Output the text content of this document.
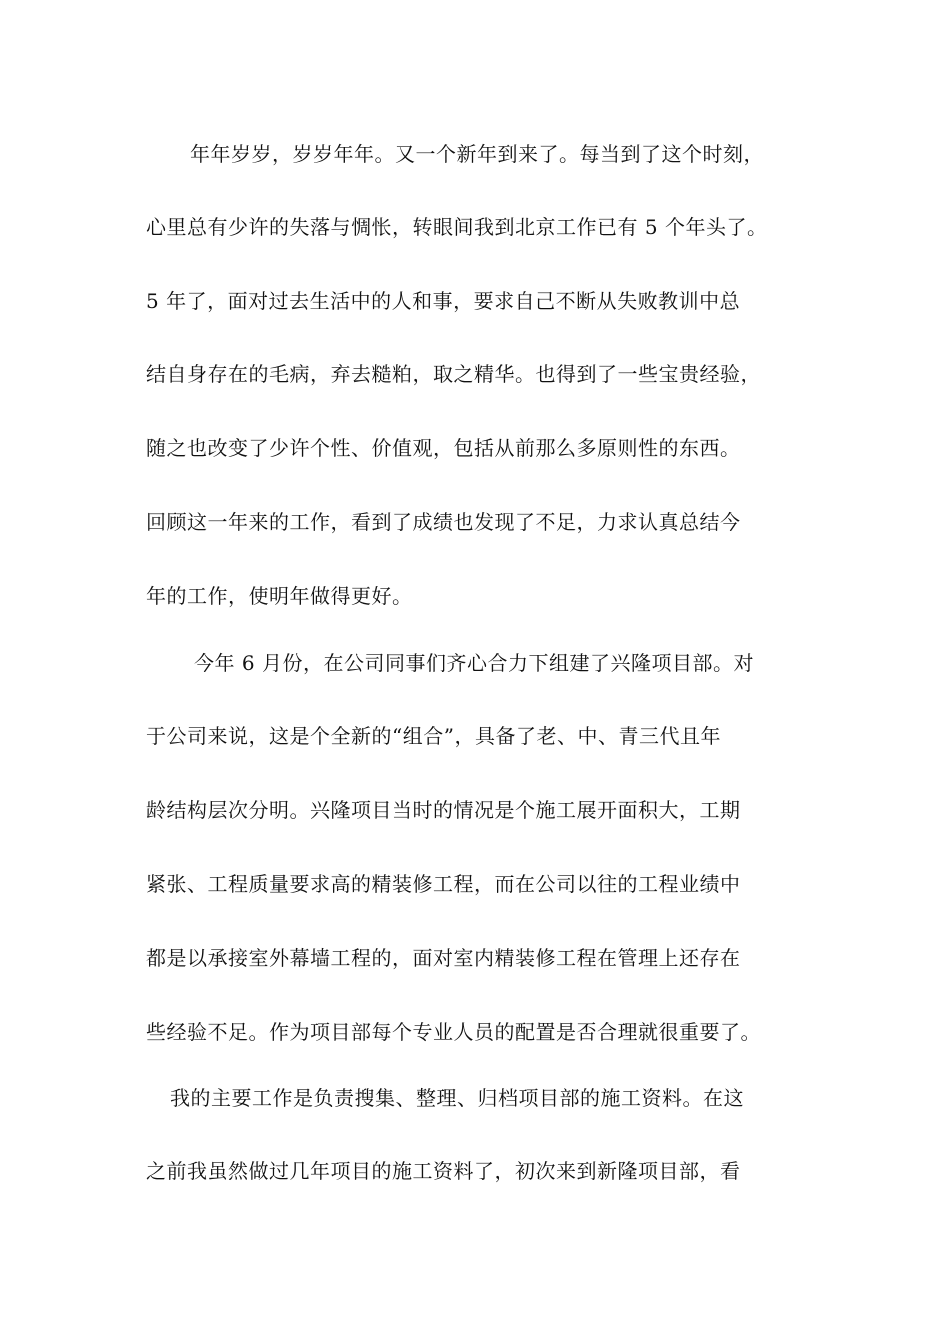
年年岁岁，岁岁年年。又一个新年到来了。每当到了这个时刻，
心里总有少许的失落与惆怅，转眼间我到北京工作已有 5 个年头了。
5 年了，面对过去生活中的人和事，要求自己不断从失败教训中总
结自身存在的毛病，弃去糙粕，取之精华。也得到了一些宝贵经验，
随之也改变了少许个性、价值观，包括从前那么多原则性的东西。
回顾这一年来的工作，看到了成绩也发现了不足，力求认真总结今
年的工作，使明年做得更好。
今年 6 月份，在公司同事们齐心合力下组建了兴隆项目部。对
于公司来说，这是个全新的“组合”，具备了老、中、青三代且年
龄结构层次分明。兴隆项目当时的情况是个施工展开面积大，工期
紧张、工程质量要求高的精装修工程，而在公司以往的工程业绩中
都是以承接室外幕墙工程的，面对室内精装修工程在管理上还存在
些经验不足。作为项目部每个专业人员的配置是否合理就很重要了。
我的主要工作是负责搜集、整理、归档项目部的施工资料。在这
之前我虽然做过几年项目的施工资料了，初次来到新隆项目部，看
